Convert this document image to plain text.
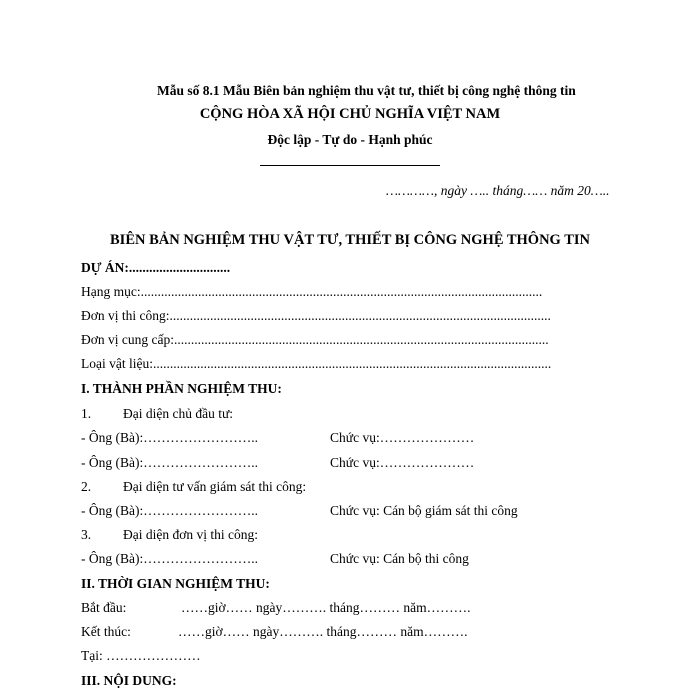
Mẫu số 8.1 Mẫu Biên bản nghiệm thu vật tư, thiết bị công nghệ thông tin
CỘNG HÒA XÃ HỘI CHỦ NGHĨA VIỆT NAM
Độc lập - Tự do - Hạnh phúc
…………, ngày ….. tháng…… năm 20…..
BIÊN BẢN NGHIỆM THU VẬT TƯ, THIẾT BỊ CÔNG NGHỆ THÔNG TIN
DỰ ÁN:..............................
Hạng mục:.......................................................................................................................
Đơn vị thi công:.................................................................................................................
Đơn vị cung cấp:...............................................................................................................
Loại vật liệu:......................................................................................................................
I. THÀNH PHẦN NGHIỆM THU:
1. Đại diện chủ đầu tư:
- Ông (Bà):……………………..	Chức vụ:…………………
- Ông (Bà):……………………..	Chức vụ:…………………
2. Đại diện tư vấn giám sát thi công:
- Ông (Bà):……………………..	Chức vụ: Cán bộ giám sát thi công
3. Đại diện đơn vị thi công:
- Ông (Bà):……………………..	Chức vụ: Cán bộ thi công
II. THỜI GIAN NGHIỆM THU:
Bắt đầu:	……giờ…… ngày………. tháng……… năm……….
Kết thúc:	……giờ…… ngày………. tháng……… năm……….
Tại: …………………
III. NỘI DUNG:
